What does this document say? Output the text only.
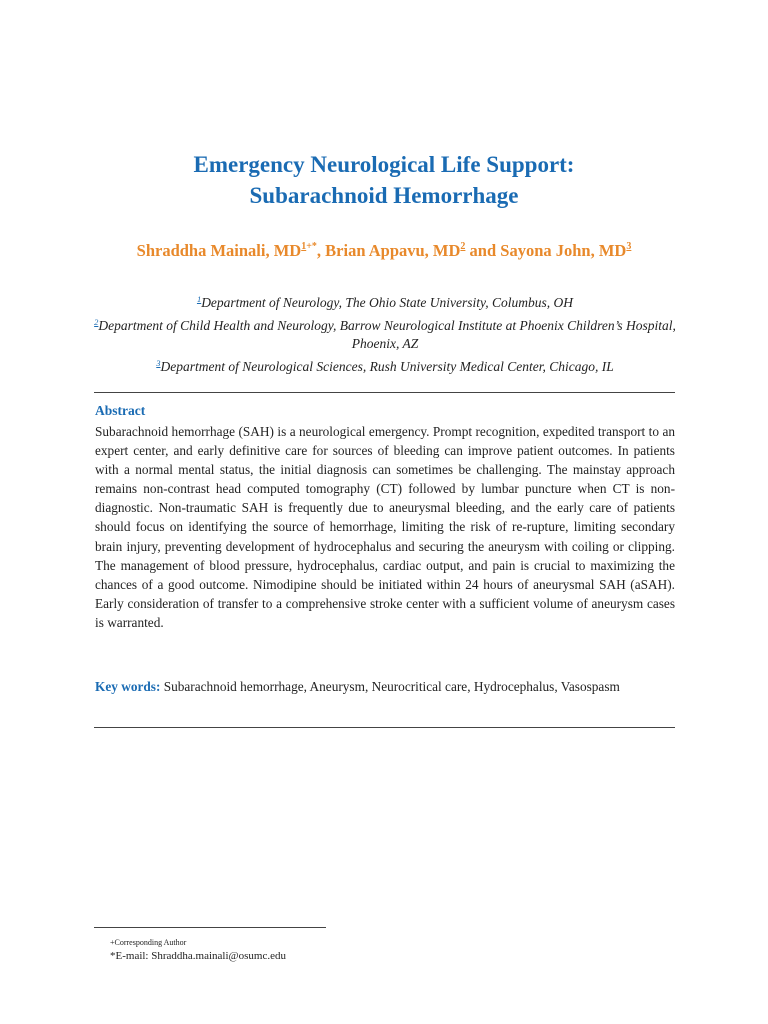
Emergency Neurological Life Support:
Subarachnoid Hemorrhage
Shraddha Mainali, $MD^{1+*}$, Brian Appavu, $MD^2$ and Sayona John, $MD^3$
$^1$Department of Neurology, The Ohio State University, Columbus, OH
$^2$Department of Child Health and Neurology, Barrow Neurological Institute at Phoenix Children’s Hospital, Phoenix, AZ
$^3$Department of Neurological Sciences, Rush University Medical Center, Chicago, IL
Abstract
Subarachnoid hemorrhage (SAH) is a neurological emergency. Prompt recognition, expedited transport to an expert center, and early definitive care for sources of bleeding can improve patient outcomes. In patients with a normal mental status, the initial diagnosis can sometimes be challenging. The mainstay approach remains non-contrast head computed tomography (CT) followed by lumbar puncture when CT is non-diagnostic. Non-traumatic SAH is frequently due to aneurysmal bleeding, and the early care of patients should focus on identifying the source of hemorrhage, limiting the risk of re-rupture, limiting secondary brain injury, preventing development of hydrocephalus and securing the aneurysm with coiling or clipping. The management of blood pressure, hydrocephalus, cardiac output, and pain is crucial to maximizing the chances of a good outcome. Nimodipine should be initiated within 24 hours of aneurysmal SAH (aSAH). Early consideration of transfer to a comprehensive stroke center with a sufficient volume of aneurysm cases is warranted.
Key words: Subarachnoid hemorrhage, Aneurysm, Neurocritical care, Hydrocephalus, Vasospasm
+Corresponding Author
*E-mail: Shraddha.mainali@osumc.edu
